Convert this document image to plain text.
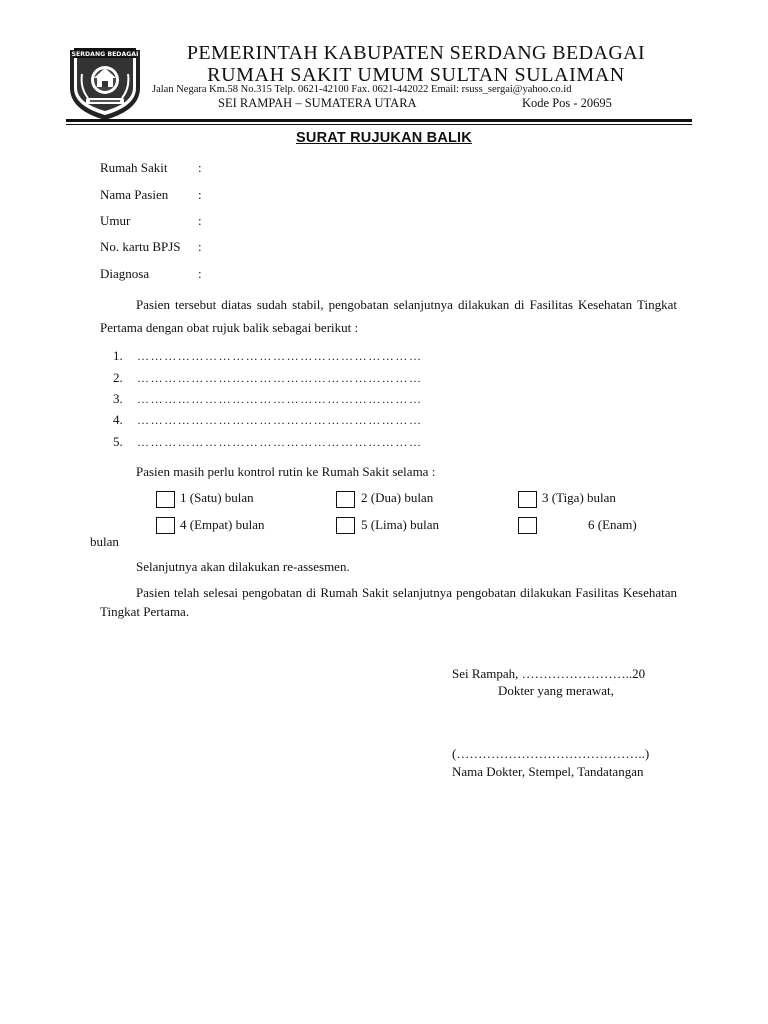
SERDANG BEDAGAI	PEMERINTAH KABUPATEN SERDANG BEDAGAI
RUMAH SAKIT UMUM SULTAN SULAIMAN
Jalan Negara Km.58 No.315 Telp. 0621-42100 Fax. 0621-442022 Email: rsuss_sergai@yahoo.co.id
SEI RAMPAH – SUMATERA UTARA	Kode Pos - 20695
SURAT RUJUKAN BALIK
Rumah Sakit :
Nama Pasien :
Umur	:
No. kartu BPJS :
Diagnosa	:
Pasien tersebut diatas sudah stabil, pengobatan selanjutnya dilakukan di Fasilitas Kesehatan Tingkat Pertama dengan obat rujuk balik sebagai berikut :
1. ………………………………………………………
2. ………………………………………………………
3. ………………………………………………………
4. ………………………………………………………
5. ………………………………………………………
Pasien masih perlu kontrol rutin ke Rumah Sakit selama :
1 (Satu) bulan	2 (Dua) bulan	3 (Tiga) bulan
4 (Empat) bulan	5 (Lima) bulan	6 (Enam)
bulan
Selanjutnya akan dilakukan re-assesmen.
Pasien telah selesai pengobatan di Rumah Sakit selanjutnya pengobatan dilakukan Fasilitas Kesehatan Tingkat Pertama.
Sei Rampah, ……………………..20
Dokter yang merawat,
(……………………………………..)
Nama Dokter, Stempel, Tandatangan
